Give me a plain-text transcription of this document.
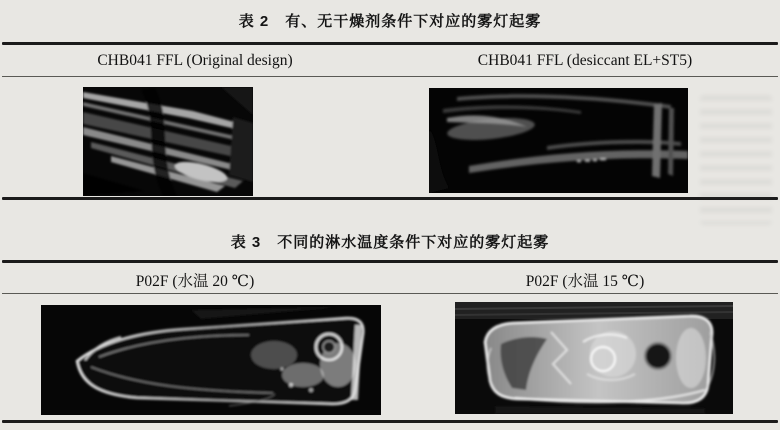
表 2　有、无干燥剂条件下对应的雾灯起雾
CHB041 FFL (Original design)	CHB041 FFL (desiccant EL+ST5)
表 3　不同的淋水温度条件下对应的雾灯起雾
P02F (水温 20 ℃)	P02F (水温 15 ℃)
